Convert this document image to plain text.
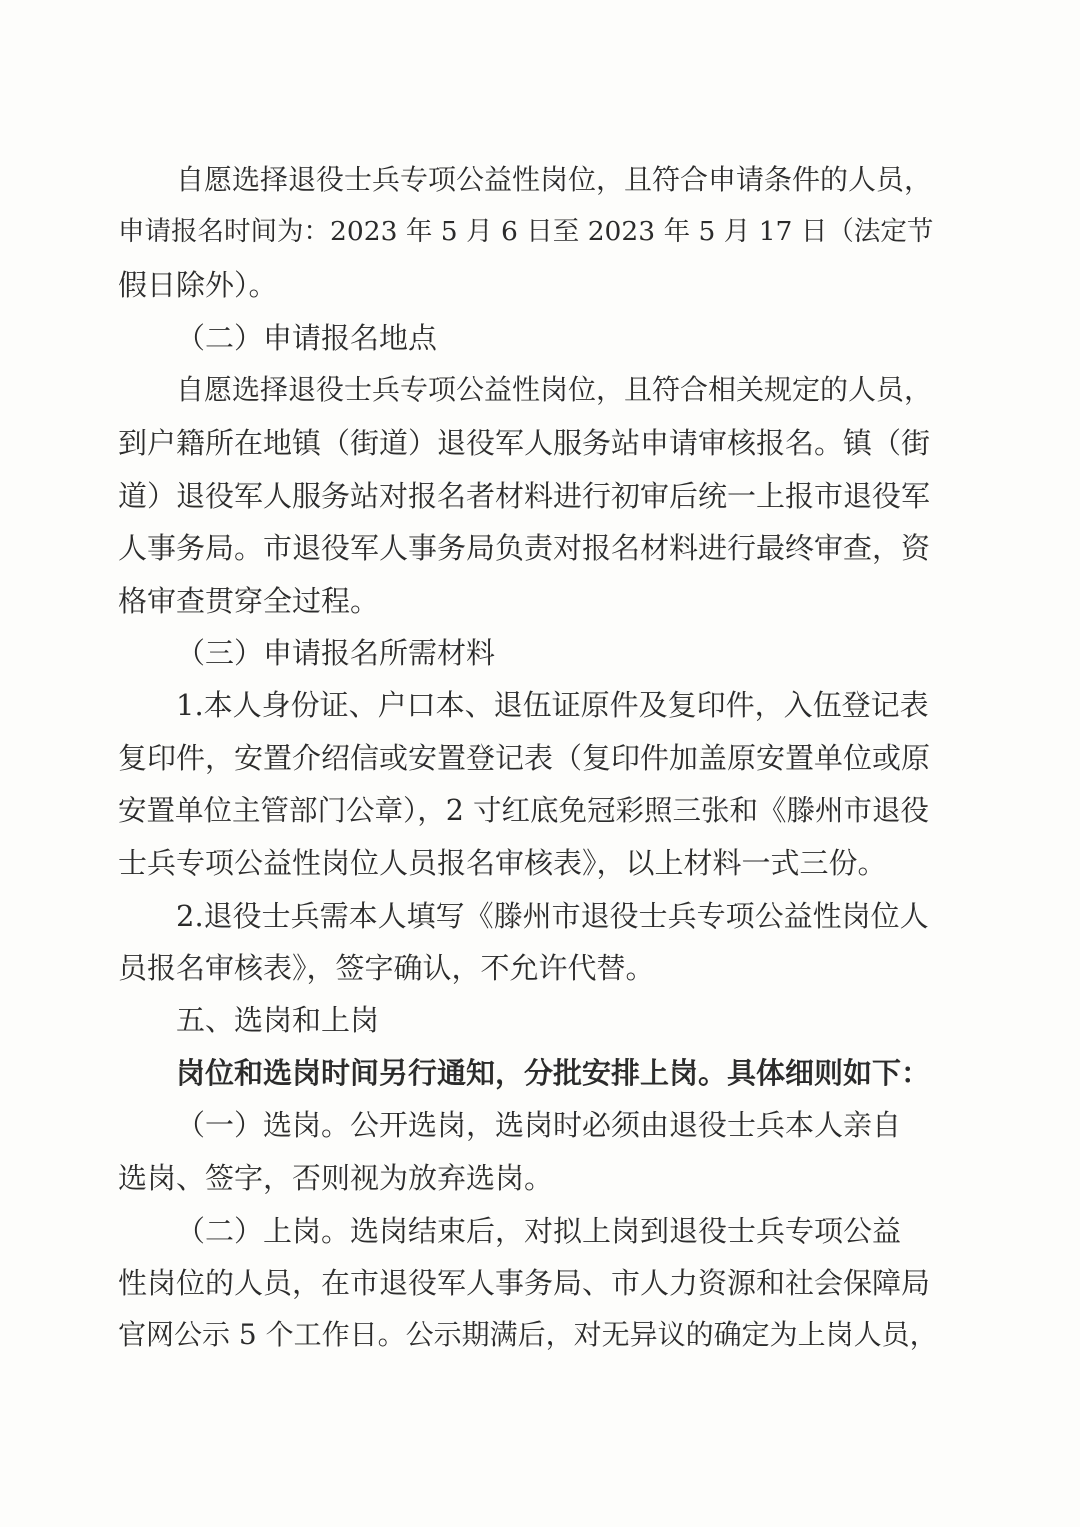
自愿选择退役士兵专项公益性岗位，且符合申请条件的人员，
申请报名时间为：2023 年 5 月 6 日至 2023 年 5 月 17 日（法定节
假日除外）。
（二）申请报名地点
自愿选择退役士兵专项公益性岗位，且符合相关规定的人员，
到户籍所在地镇（街道）退役军人服务站申请审核报名。镇（街
道）退役军人服务站对报名者材料进行初审后统一上报市退役军
人事务局。市退役军人事务局负责对报名材料进行最终审查，资
格审查贯穿全过程。
（三）申请报名所需材料
1.本人身份证、户口本、退伍证原件及复印件，入伍登记表
复印件，安置介绍信或安置登记表（复印件加盖原安置单位或原
安置单位主管部门公章），2 寸红底免冠彩照三张和《滕州市退役
士兵专项公益性岗位人员报名审核表》，以上材料一式三份。
2.退役士兵需本人填写《滕州市退役士兵专项公益性岗位人
员报名审核表》，签字确认，不允许代替。
五、选岗和上岗
岗位和选岗时间另行通知，分批安排上岗。具体细则如下：
（一）选岗。公开选岗，选岗时必须由退役士兵本人亲自
选岗、签字，否则视为放弃选岗。
（二）上岗。选岗结束后，对拟上岗到退役士兵专项公益
性岗位的人员，在市退役军人事务局、市人力资源和社会保障局
官网公示 5 个工作日。公示期满后，对无异议的确定为上岗人员，
